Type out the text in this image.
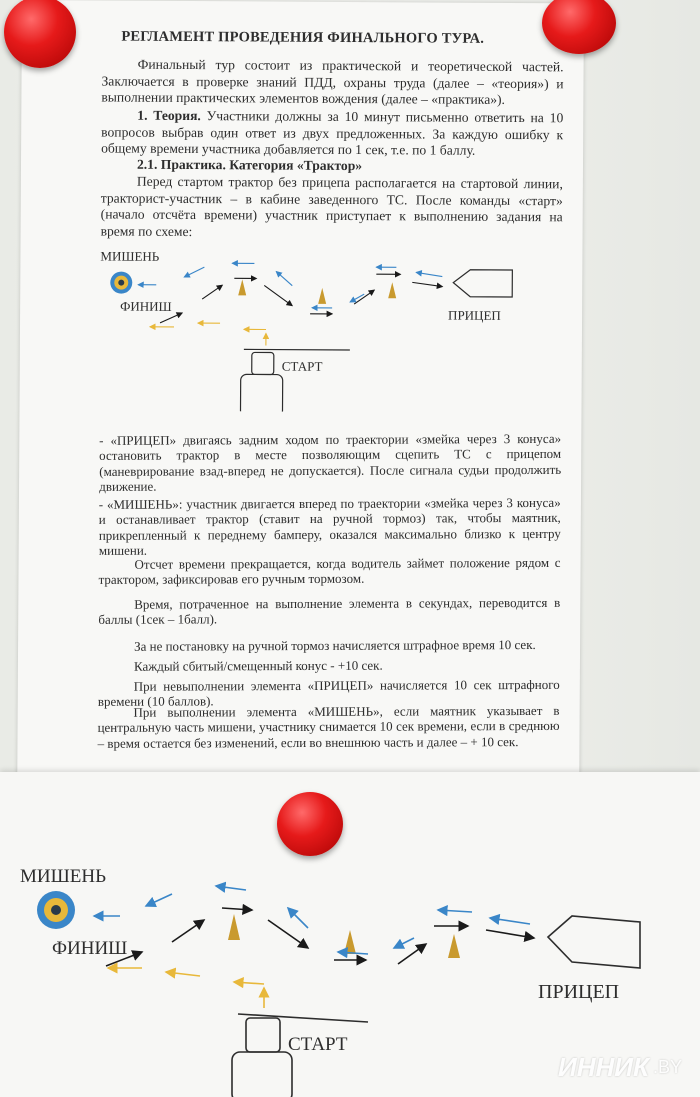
РЕГЛАМЕНТ ПРОВЕДЕНИЯ ФИНАЛЬНОГО ТУРА.

Финальный тур состоит из практической и теоретической частей. Заключается в проверке знаний ПДД, охраны труда (далее – «теория») и выполнении практических элементов вождения (далее – «практика»).

1. Теория. Участники должны за 10 минут письменно ответить на 10 вопросов выбрав один ответ из двух предложенных. За каждую ошибку к общему времени участника добавляется по 1 сек, т.е. по 1 баллу.

2.1. Практика. Категория «Трактор»

Перед стартом трактор без прицепа располагается на стартовой линии, тракторист-участник – в кабине заведенного ТС. После команды «старт» (начало отсчёта времени) участник приступает к выполнению задания на время по схеме:

МИШЕНЬ
ФИНИШ
ПРИЦЕП
СТАРТ

- «ПРИЦЕП» двигаясь задним ходом по траектории «змейка через 3 конуса» остановить трактор в месте позволяющим сцепить ТС с прицепом (маневрирование взад-вперед не допускается). После сигнала судьи продолжить движение.

- «МИШЕНЬ»: участник двигается вперед по траектории «змейка через 3 конуса» и останавливает трактор (ставит на ручной тормоз) так, чтобы маятник, прикрепленный к переднему бамперу, оказался максимально близко к центру мишени.

Отсчет времени прекращается, когда водитель займет положение рядом с трактором, зафиксировав его ручным тормозом.

Время, потраченное на выполнение элемента в секундах, переводится в баллы (1сек – 1балл).

За не постановку на ручной тормоз начисляется штрафное время 10 сек.

Каждый сбитый/смещенный конус - +10 сек.

При невыполнении элемента «ПРИЦЕП» начисляется 10 сек штрафного времени (10 баллов).

При выполнении элемента «МИШЕНЬ», если маятник указывает в центральную часть мишени, участнику снимается 10 сек времени, если в среднюю – время остается без изменений, если во внешнюю часть и далее – + 10 сек.

МИШЕНЬ
ФИНИШ
ПРИЦЕП
СТАРТ
ИННИК .BY
